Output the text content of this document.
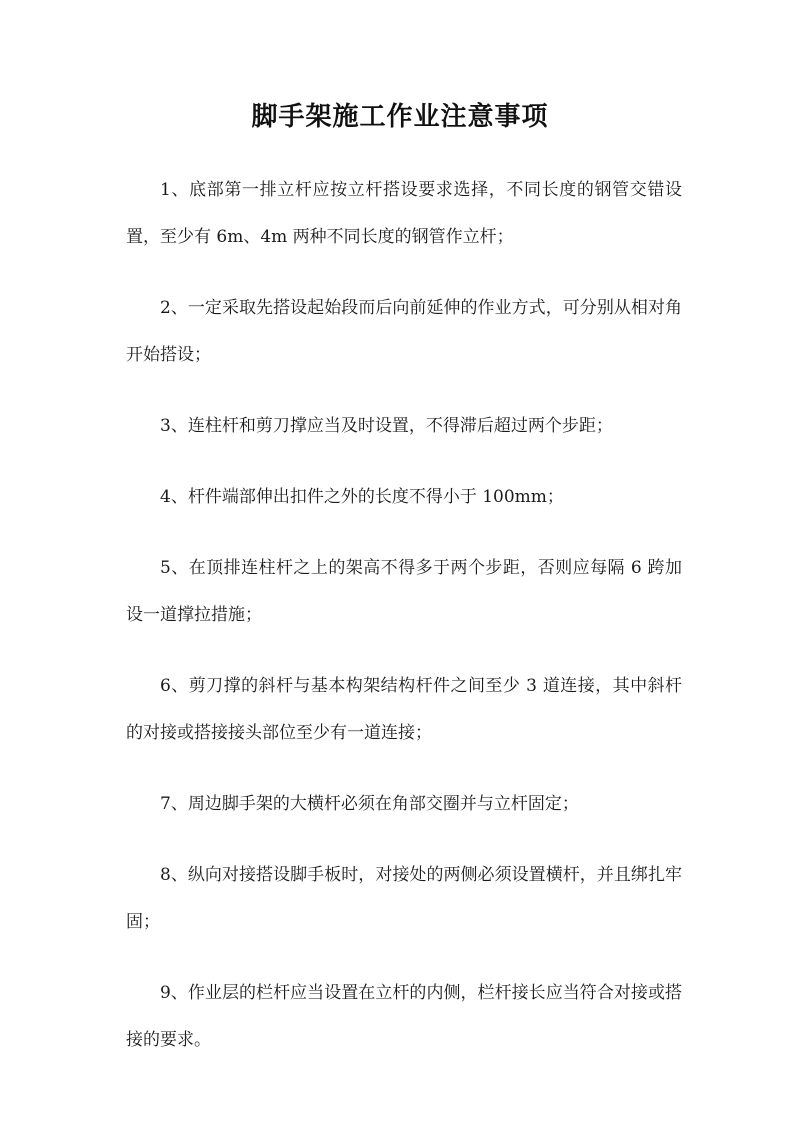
脚手架施工作业注意事项

1、底部第一排立杆应按立杆搭设要求选择，不同长度的钢管交错设置，至少有 6m、4m 两种不同长度的钢管作立杆；

2、一定采取先搭设起始段而后向前延伸的作业方式，可分别从相对角开始搭设；

3、连柱杆和剪刀撑应当及时设置，不得滞后超过两个步距；

4、杆件端部伸出扣件之外的长度不得小于 100mm；

5、在顶排连柱杆之上的架高不得多于两个步距，否则应每隔 6 跨加设一道撑拉措施；

6、剪刀撑的斜杆与基本构架结构杆件之间至少 3 道连接，其中斜杆的对接或搭接接头部位至少有一道连接；

7、周边脚手架的大横杆必须在角部交圈并与立杆固定；

8、纵向对接搭设脚手板时，对接处的两侧必须设置横杆，并且绑扎牢固；

9、作业层的栏杆应当设置在立杆的内侧，栏杆接长应当符合对接或搭接的要求。
